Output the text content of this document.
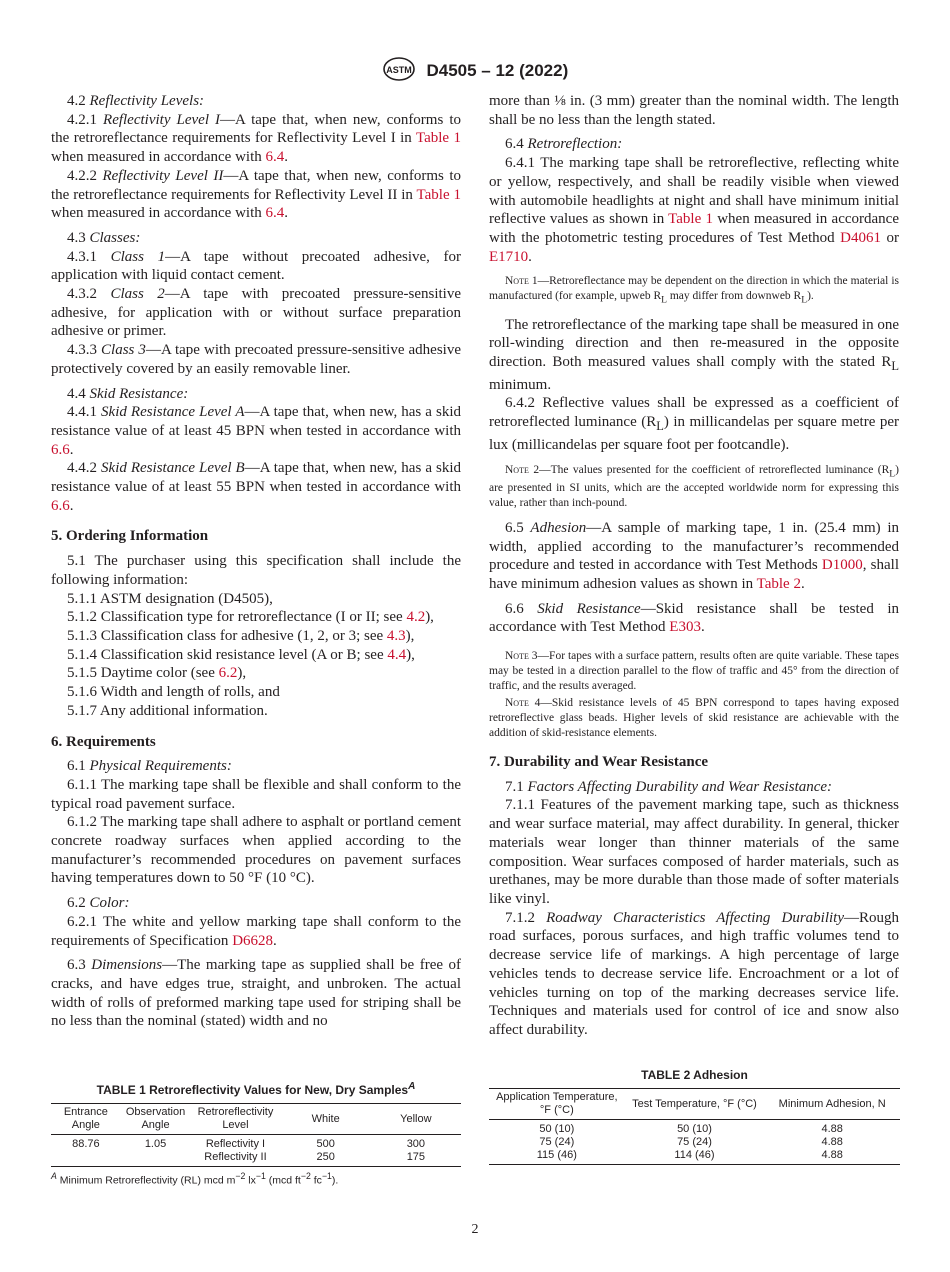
ASTM D4505 – 12 (2022)

4.2 Reflectivity Levels:

4.2.1 Reflectivity Level I—A tape that, when new, conforms to the retroreflectance requirements for Reflectivity Level I in Table 1 when measured in accordance with 6.4.

4.2.2 Reflectivity Level II—A tape that, when new, conforms to the retroreflectance requirements for Reflectivity Level II in Table 1 when measured in accordance with 6.4.

4.3 Classes:

4.3.1 Class 1—A tape without precoated adhesive, for application with liquid contact cement.

4.3.2 Class 2—A tape with precoated pressure-sensitive adhesive, for application with or without surface preparation adhesive or primer.

4.3.3 Class 3—A tape with precoated pressure-sensitive adhesive protectively covered by an easily removable liner.

4.4 Skid Resistance:

4.4.1 Skid Resistance Level A—A tape that, when new, has a skid resistance value of at least 45 BPN when tested in accordance with 6.6.

4.4.2 Skid Resistance Level B—A tape that, when new, has a skid resistance value of at least 55 BPN when tested in accordance with 6.6.

5. Ordering Information

5.1 The purchaser using this specification shall include the following information:

5.1.1 ASTM designation (D4505),

5.1.2 Classification type for retroreflectance (I or II; see 4.2),

5.1.3 Classification class for adhesive (1, 2, or 3; see 4.3),

5.1.4 Classification skid resistance level (A or B; see 4.4),

5.1.5 Daytime color (see 6.2),

5.1.6 Width and length of rolls, and

5.1.7 Any additional information.

6. Requirements

6.1 Physical Requirements:

6.1.1 The marking tape shall be flexible and shall conform to the typical road pavement surface.

6.1.2 The marking tape shall adhere to asphalt or portland cement concrete roadway surfaces when applied according to the manufacturer’s recommended procedures on pavement surfaces having temperatures down to 50 °F (10 °C).

6.2 Color:

6.2.1 The white and yellow marking tape shall conform to the requirements of Specification D6628.

6.3 Dimensions—The marking tape as supplied shall be free of cracks, and have edges true, straight, and unbroken. The actual width of rolls of preformed marking tape used for striping shall be no less than the nominal (stated) width and no

more than ⅛ in. (3 mm) greater than the nominal width. The length shall be no less than the length stated.

6.4 Retroreflection:

6.4.1 The marking tape shall be retroreflective, reflecting white or yellow, respectively, and shall be readily visible when viewed with automobile headlights at night and shall have minimum initial reflective values as shown in Table 1 when measured in accordance with the photometric testing procedures of Test Method D4061 or E1710.

Note 1—Retroreflectance may be dependent on the direction in which the material is manufactured (for example, upweb $R_L$ may differ from downweb $R_L$).

The retroreflectance of the marking tape shall be measured in one roll-winding direction and then re-measured in the opposite direction. Both measured values shall comply with the stated $R_L$ minimum.

6.4.2 Reflective values shall be expressed as a coefficient of retroreflected luminance $(R_L)$ in millicandelas per square metre per lux (millicandelas per square foot per footcandle).

Note 2—The values presented for the coefficient of retroreflected luminance $(R_L)$ are presented in SI units, which are the accepted worldwide norm for expressing this value, rather than inch-pound.

6.5 Adhesion—A sample of marking tape, 1 in. (25.4 mm) in width, applied according to the manufacturer’s recommended procedure and tested in accordance with Test Methods D1000, shall have minimum adhesion values as shown in Table 2.

6.6 Skid Resistance—Skid resistance shall be tested in accordance with Test Method E303.

Note 3—For tapes with a surface pattern, results often are quite variable. These tapes may be tested in a direction parallel to the flow of traffic and 45° from the direction of traffic, and the results averaged.
Note 4—Skid resistance levels of 45 BPN correspond to tapes having exposed retroreflective glass beads. Higher levels of skid resistance are achievable with the addition of skid-resistance elements.
7. Durability and Wear Resistance

7.1 Factors Affecting Durability and Wear Resistance:

7.1.1 Features of the pavement marking tape, such as thickness and wear surface material, may affect durability. In general, thicker materials wear longer than thinner materials of the same composition. Wear surfaces composed of harder materials, such as urethanes, may be more durable than those made of softer materials like vinyl.

7.1.2 Roadway Characteristics Affecting Durability—Rough road surfaces, porous surfaces, and high traffic volumes tend to decrease service life of markings. A high percentage of large vehicles tends to decrease service life. Encroachment or a lot of vehicles turning on top of the marking decreases service life. Techniques and materials used for control of ice and snow also affect durability.

TABLE 1 Retroreflectivity Values for New, Dry Samples$^A$
Entrance Angle	Observation Angle	Retroreflectivity Level	White	Yellow
88.76	1.05	Reflectivity I	500	300
		Reflectivity II	250	175
$^A$ Minimum Retroreflectivity (RL) mcd $m^{-2}$ $lx^{-1}$ (mcd $ft^{-2}$ $fc^{-1}$).
TABLE 2 Adhesion
Application Temperature, °F (°C)	Test Temperature, °F (°C)	Minimum Adhesion, N
50 (10)	50 (10)	4.88
75 (24)	75 (24)	4.88
115 (46)	114 (46)	4.88
2
